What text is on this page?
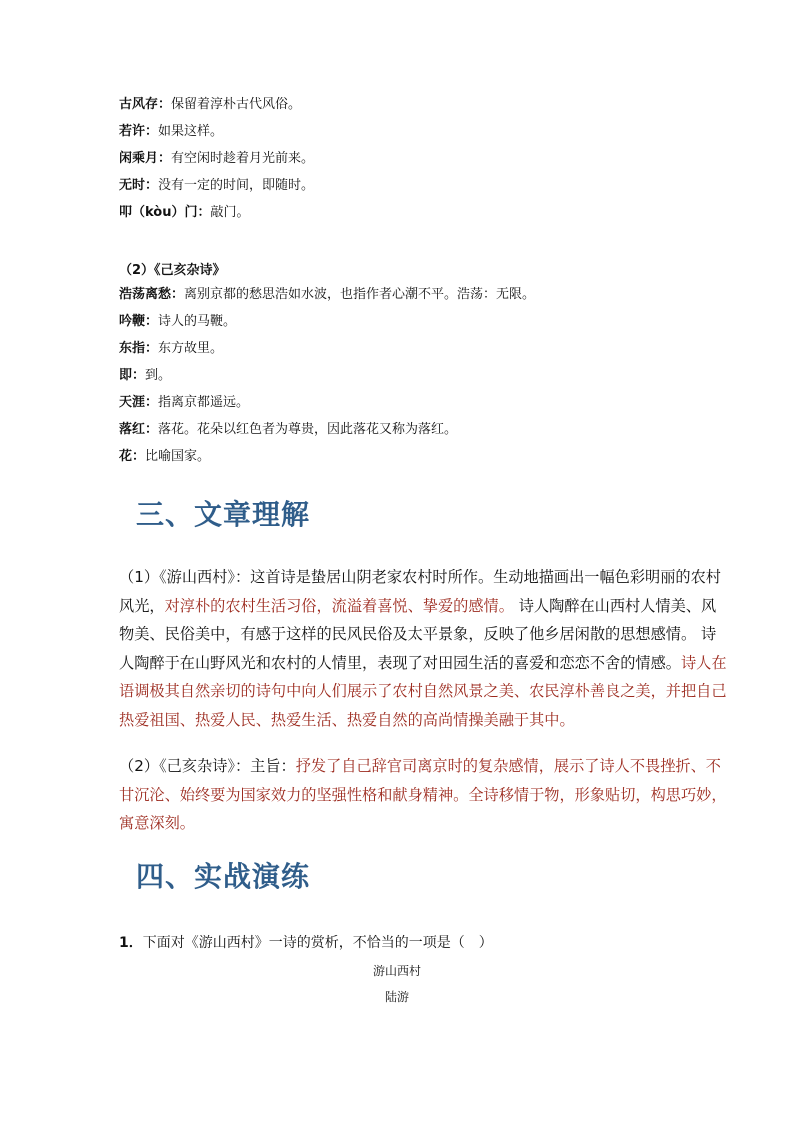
古风存：保留着淳朴古代风俗。
若许：如果这样。
闲乘月：有空闲时趁着月光前来。
无时：没有一定的时间，即随时。
叩（kòu）门：敲门。
（2）《己亥杂诗》
浩荡离愁：离别京都的愁思浩如水波，也指作者心潮不平。浩荡：无限。
吟鞭：诗人的马鞭。
东指：东方故里。
即：到。
天涯：指离京都遥远。
落红：落花。花朵以红色者为尊贵，因此落花又称为落红。
花：比喻国家。
三、文章理解
（1）《游山西村》：这首诗是蛰居山阴老家农村时所作。生动地描画出一幅色彩明丽的农村
风光，对淳朴的农村生活习俗，流溢着喜悦、挚爱的感情。 诗人陶醉在山西村人情美、风
物美、民俗美中，有感于这样的民风民俗及太平景象，反映了他乡居闲散的思想感情。 诗
人陶醉于在山野风光和农村的人情里，表现了对田园生活的喜爱和恋恋不舍的情感。诗人在
语调极其自然亲切的诗句中向人们展示了农村自然风景之美、农民淳朴善良之美，并把自己
热爱祖国、热爱人民、热爱生活、热爱自然的高尚情操美融于其中。
（2）《己亥杂诗》：主旨：抒发了自己辞官司离京时的复杂感情，展示了诗人不畏挫折、不
甘沉沦、始终要为国家效力的坚强性格和献身精神。全诗移情于物，形象贴切，构思巧妙，
寓意深刻。
四、实战演练
1．下面对《游山西村》一诗的赏析，不恰当的一项是（　）
游山西村
陆游
